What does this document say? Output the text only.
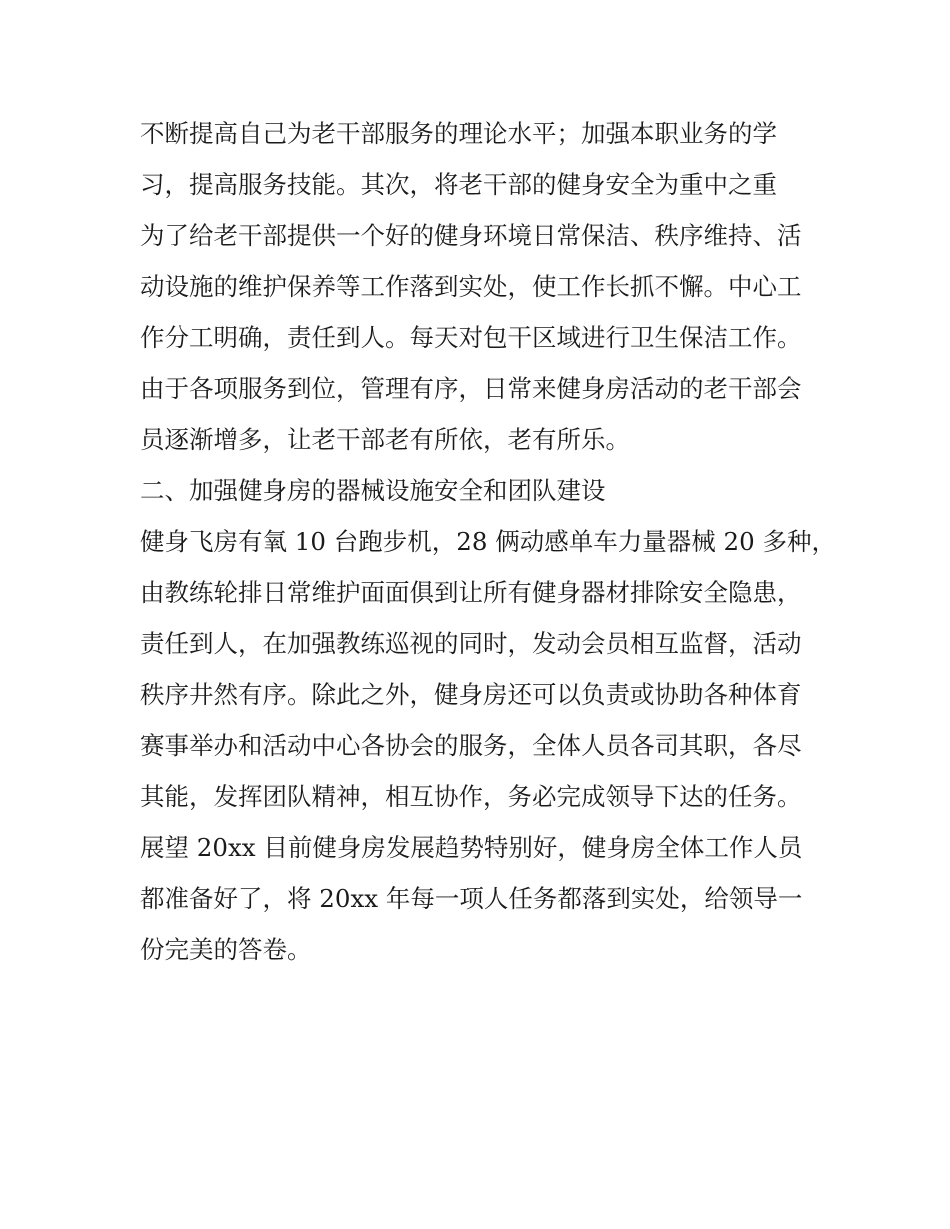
不断提高自己为老干部服务的理论水平；加强本职业务的学
习，提高服务技能。其次，将老干部的健身安全为重中之重
为了给老干部提供一个好的健身环境日常保洁、秩序维持、活
动设施的维护保养等工作落到实处，使工作长抓不懈。中心工
作分工明确，责任到人。每天对包干区域进行卫生保洁工作。
由于各项服务到位，管理有序，日常来健身房活动的老干部会
员逐渐增多，让老干部老有所依，老有所乐。
二、加强健身房的器械设施安全和团队建设
健身飞房有氧 10 台跑步机，28 俩动感单车力量器械 20 多种，
由教练轮排日常维护面面俱到让所有健身器材排除安全隐患，
责任到人，在加强教练巡视的同时，发动会员相互监督，活动
秩序井然有序。除此之外，健身房还可以负责或协助各种体育
赛事举办和活动中心各协会的服务，全体人员各司其职，各尽
其能，发挥团队精神，相互协作，务必完成领导下达的任务。
展望 20xx 目前健身房发展趋势特别好，健身房全体工作人员
都准备好了，将 20xx 年每一项人任务都落到实处，给领导一
份完美的答卷。
